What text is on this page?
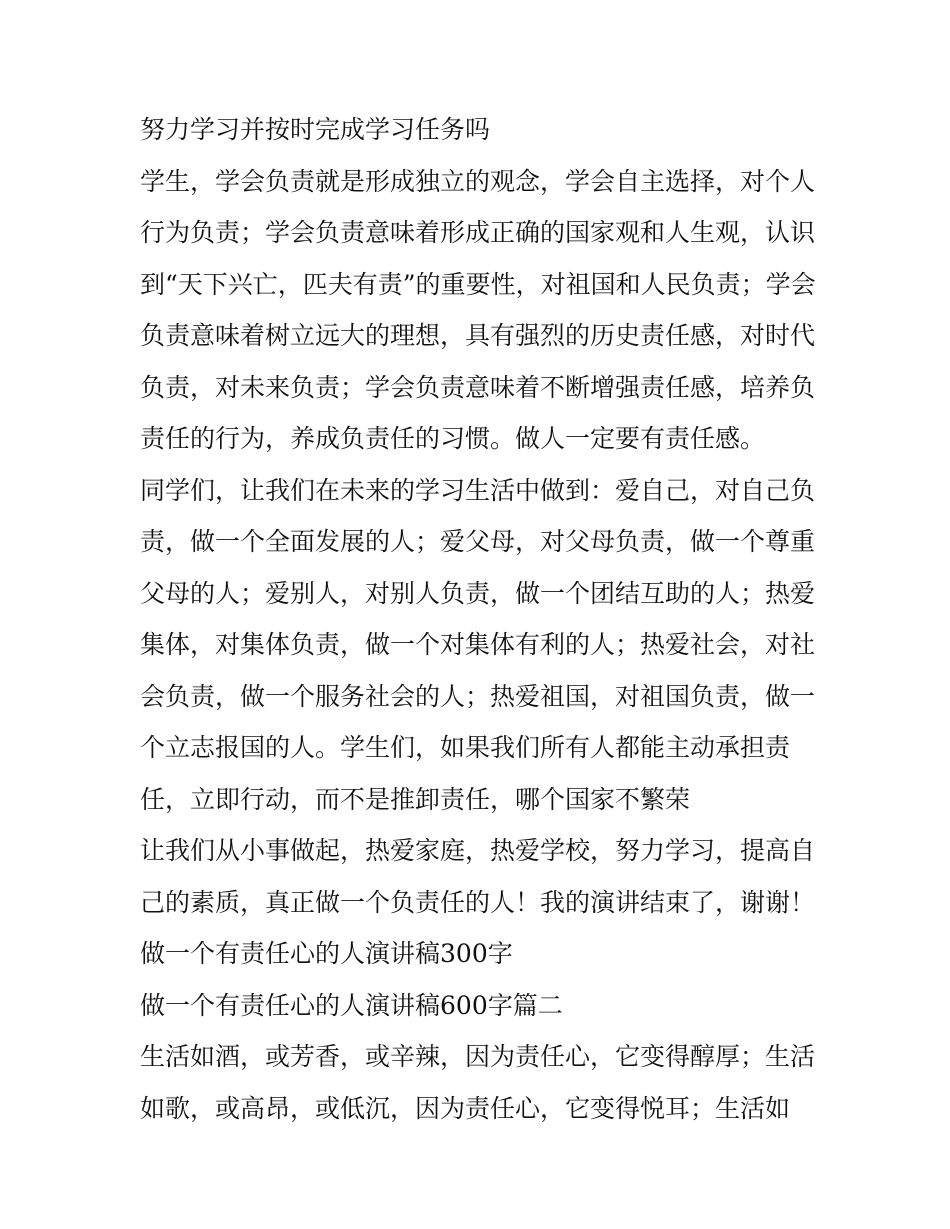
努力学习并按时完成学习任务吗
学生，学会负责就是形成独立的观念，学会自主选择，对个人
行为负责；学会负责意味着形成正确的国家观和人生观，认识
到“天下兴亡，匹夫有责”的重要性，对祖国和人民负责；学会
负责意味着树立远大的理想，具有强烈的历史责任感，对时代
负责，对未来负责；学会负责意味着不断增强责任感，培养负
责任的行为，养成负责任的习惯。做人一定要有责任感。
同学们，让我们在未来的学习生活中做到：爱自己，对自己负
责，做一个全面发展的人；爱父母，对父母负责，做一个尊重
父母的人；爱别人，对别人负责，做一个团结互助的人；热爱
集体，对集体负责，做一个对集体有利的人；热爱社会，对社
会负责，做一个服务社会的人；热爱祖国，对祖国负责，做一
个立志报国的人。学生们，如果我们所有人都能主动承担责
任，立即行动，而不是推卸责任，哪个国家不繁荣
让我们从小事做起，热爱家庭，热爱学校，努力学习，提高自
己的素质，真正做一个负责任的人！我的演讲结束了，谢谢！
做一个有责任心的人演讲稿300字
做一个有责任心的人演讲稿600字篇二
生活如酒，或芳香，或辛辣，因为责任心，它变得醇厚；生活
如歌，或高昂，或低沉，因为责任心，它变得悦耳；生活如
